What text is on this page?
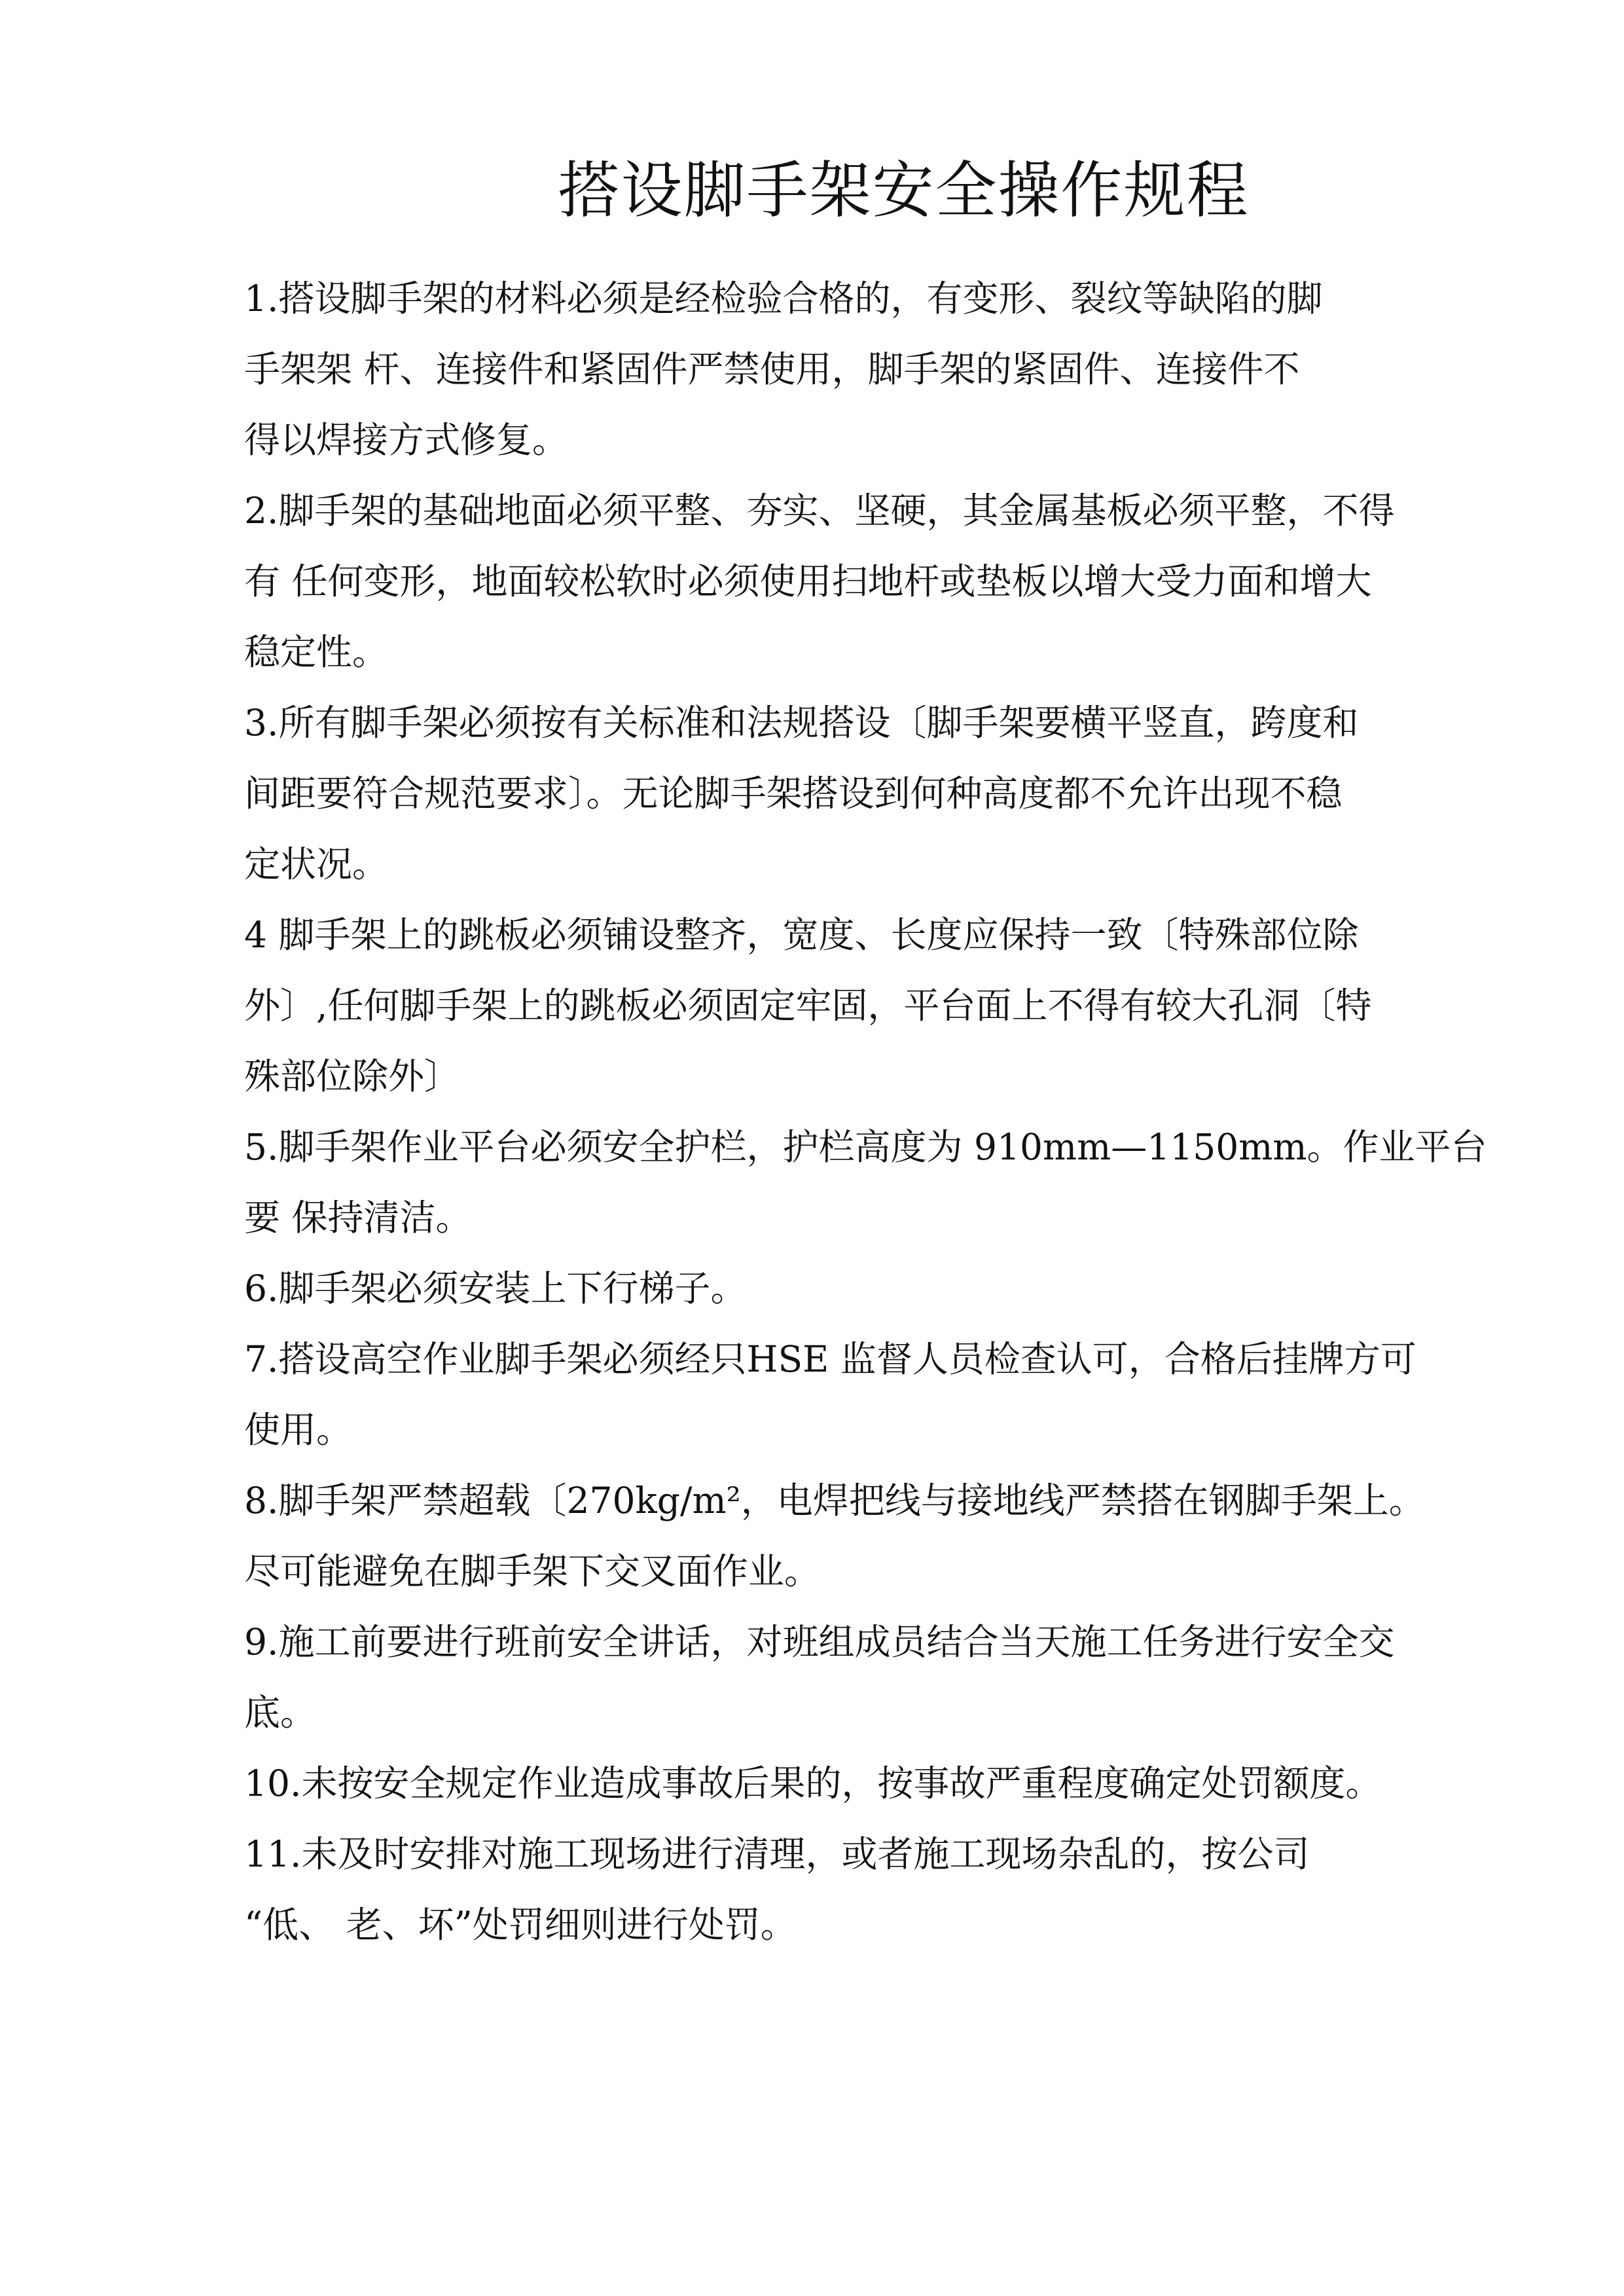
搭设脚手架安全操作规程
1.搭设脚手架的材料必须是经检验合格的，有变形、裂纹等缺陷的脚
手架架 杆、连接件和紧固件严禁使用，脚手架的紧固件、连接件不
得以焊接方式修复。
2.脚手架的基础地面必须平整、夯实、坚硬，其金属基板必须平整，不得
有 任何变形，地面较松软时必须使用扫地杆或垫板以增大受力面和增大
稳定性。
3.所有脚手架必须按有关标准和法规搭设〔脚手架要横平竖直，跨度和
间距要符合规范要求〕。无论脚手架搭设到何种高度都不允许出现不稳
定状况。
4 脚手架上的跳板必须铺设整齐，宽度、长度应保持一致〔特殊部位除
外〕,任何脚手架上的跳板必须固定牢固，平台面上不得有较大孔洞〔特
殊部位除外〕
5.脚手架作业平台必须安全护栏，护栏高度为 910mm—1150mm。作业平台
要 保持清洁。
6.脚手架必须安装上下行梯子。
7.搭设高空作业脚手架必须经只HSE 监督人员检查认可，合格后挂牌方可
使用。
8.脚手架严禁超载〔270kg/m²，电焊把线与接地线严禁搭在钢脚手架上。
尽可能避免在脚手架下交叉面作业。
9.施工前要进行班前安全讲话，对班组成员结合当天施工任务进行安全交
底。
10.未按安全规定作业造成事故后果的，按事故严重程度确定处罚额度。
11.未及时安排对施工现场进行清理，或者施工现场杂乱的，按公司
“低、 老、坏”处罚细则进行处罚。
